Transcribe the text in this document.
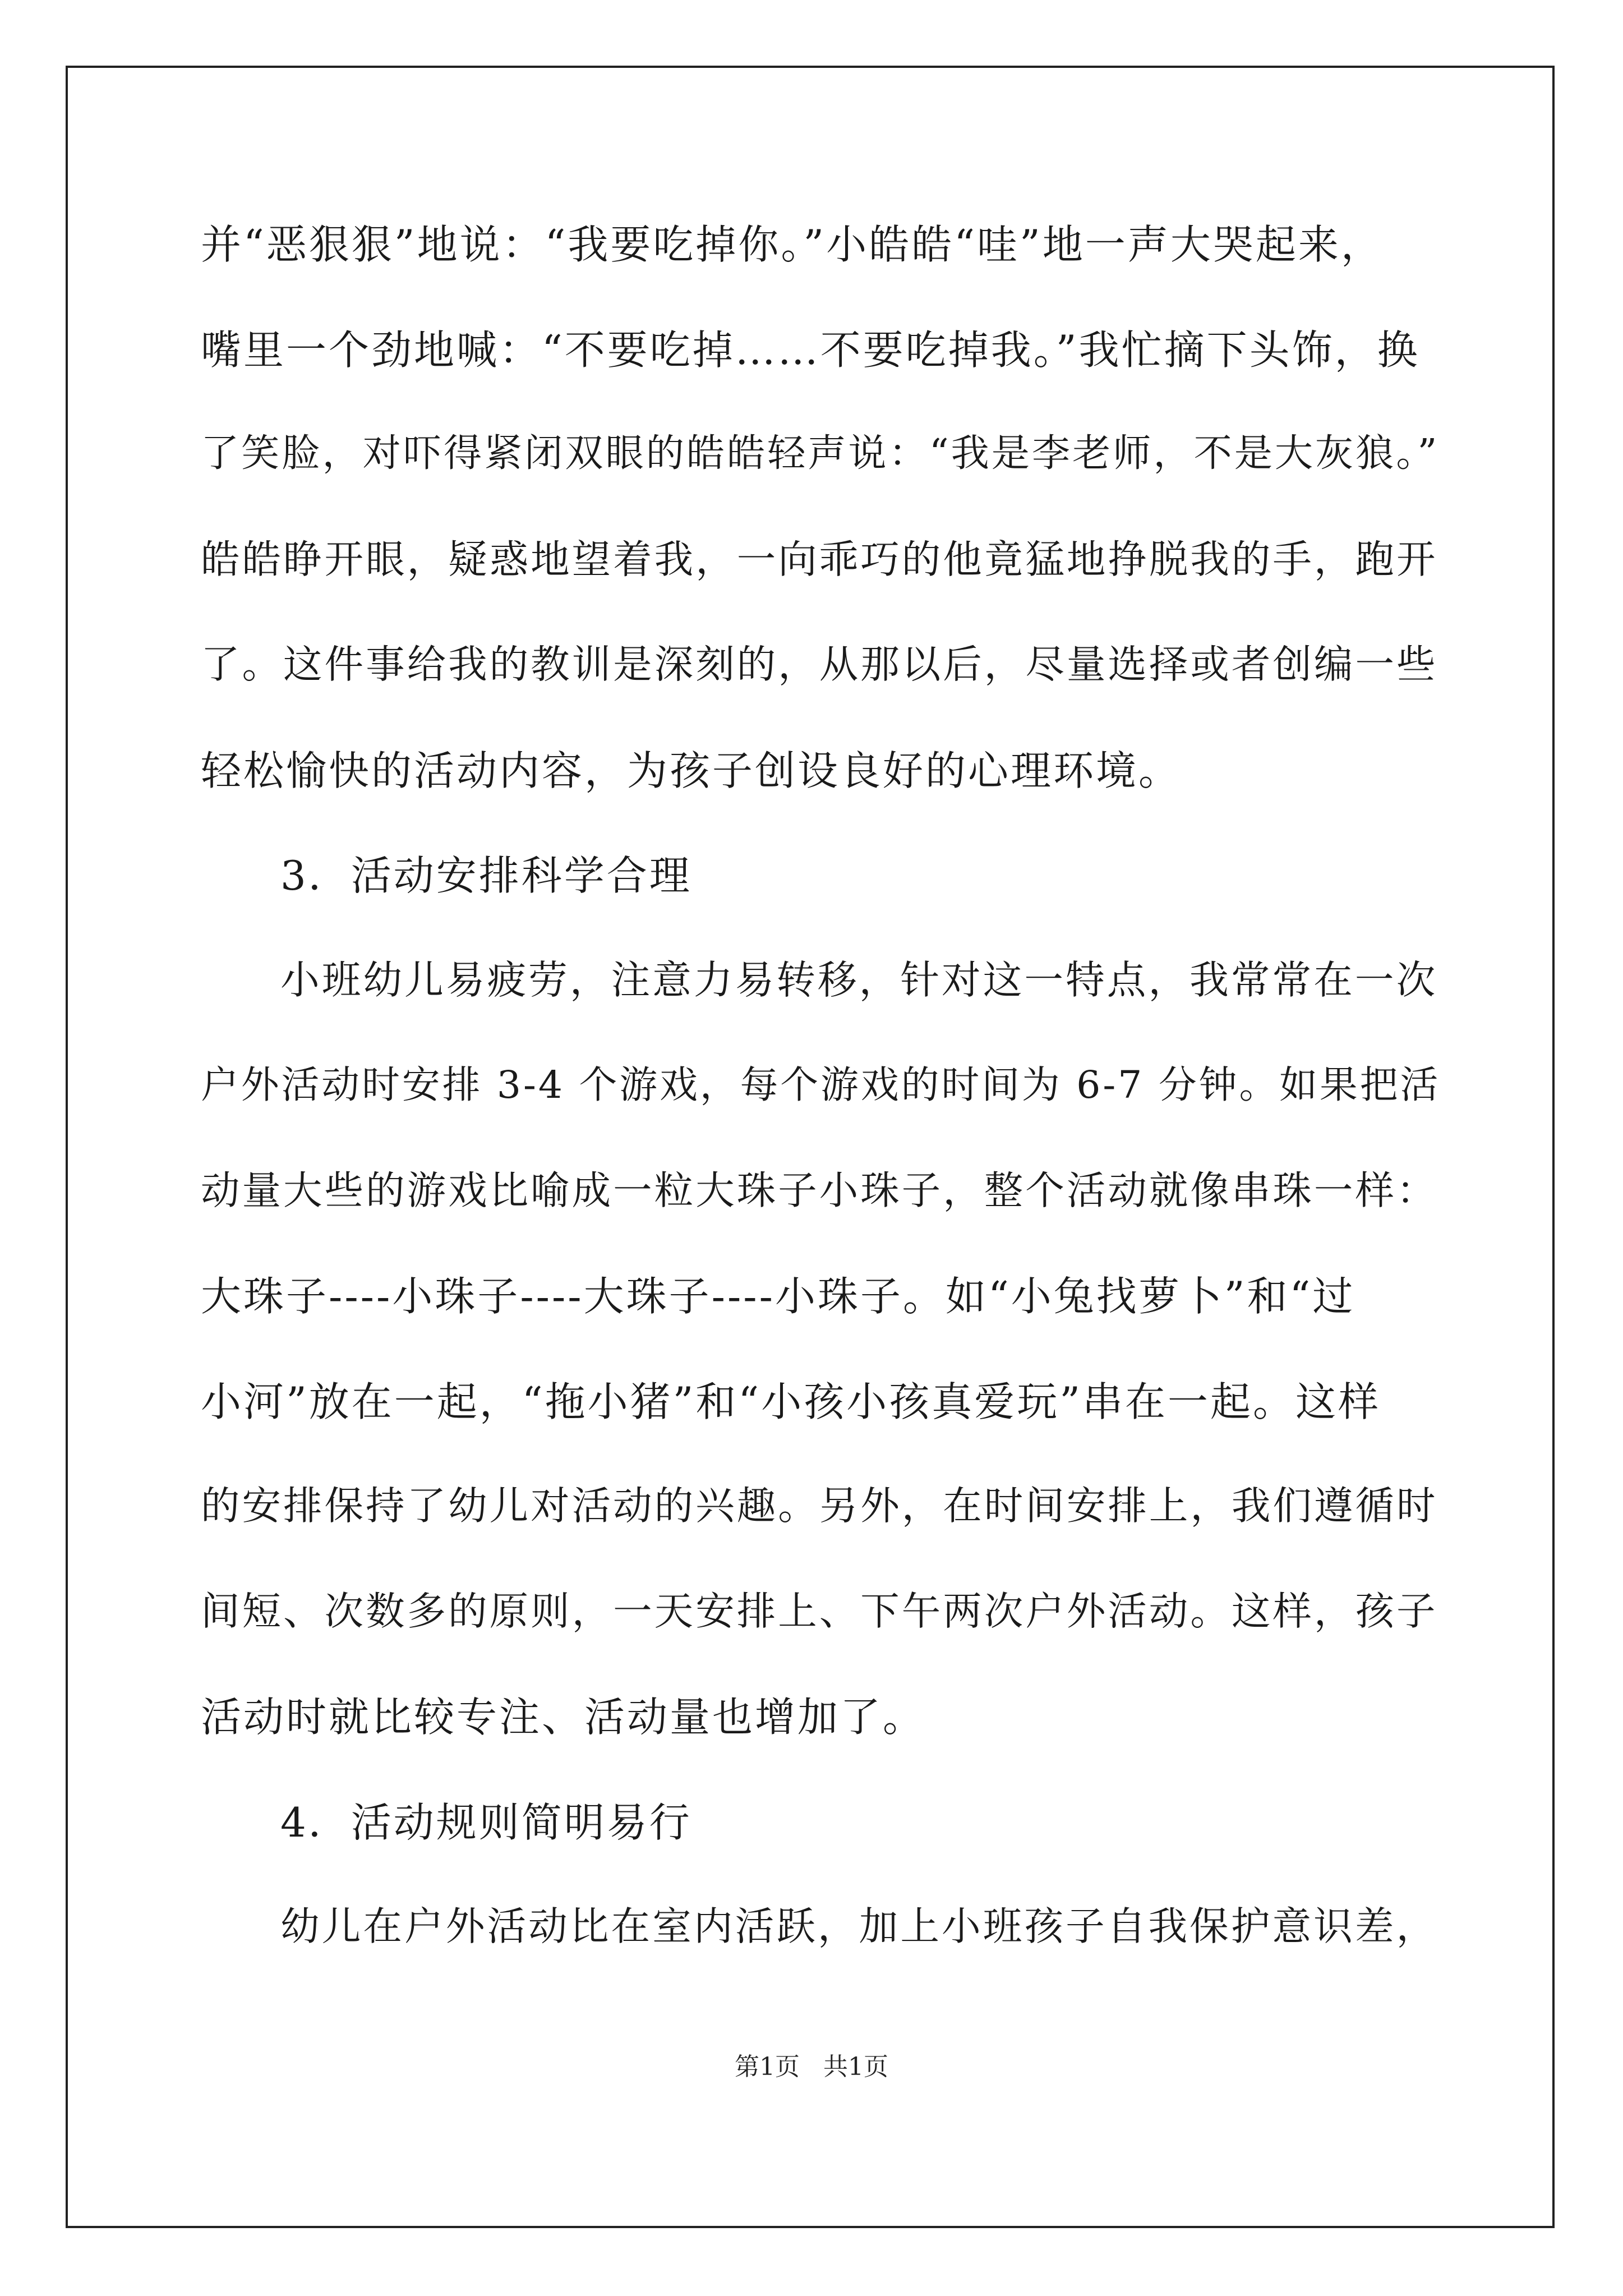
并“恶狠狠”地说：“我要吃掉你。”小皓皓“哇”地一声大哭起来，
嘴里一个劲地喊：“不要吃掉……不要吃掉我。”我忙摘下头饰，换
了笑脸，对吓得紧闭双眼的皓皓轻声说：“我是李老师，不是大灰狼。”
皓皓睁开眼，疑惑地望着我，一向乖巧的他竟猛地挣脱我的手，跑开
了。这件事给我的教训是深刻的，从那以后，尽量选择或者创编一些
轻松愉快的活动内容，为孩子创设良好的心理环境。
3．活动安排科学合理
小班幼儿易疲劳，注意力易转移，针对这一特点，我常常在一次
户外活动时安排 3-4 个游戏，每个游戏的时间为 6-7 分钟。如果把活
动量大些的游戏比喻成一粒大珠子小珠子，整个活动就像串珠一样：
大珠子----小珠子----大珠子----小珠子。如“小兔找萝卜”和“过
小河”放在一起，“拖小猪”和“小孩小孩真爱玩”串在一起。这样
的安排保持了幼儿对活动的兴趣。另外，在时间安排上，我们遵循时
间短、次数多的原则，一天安排上、下午两次户外活动。这样，孩子
活动时就比较专注、活动量也增加了。
4．活动规则简明易行
幼儿在户外活动比在室内活跃，加上小班孩子自我保护意识差，
第1页 共1页
